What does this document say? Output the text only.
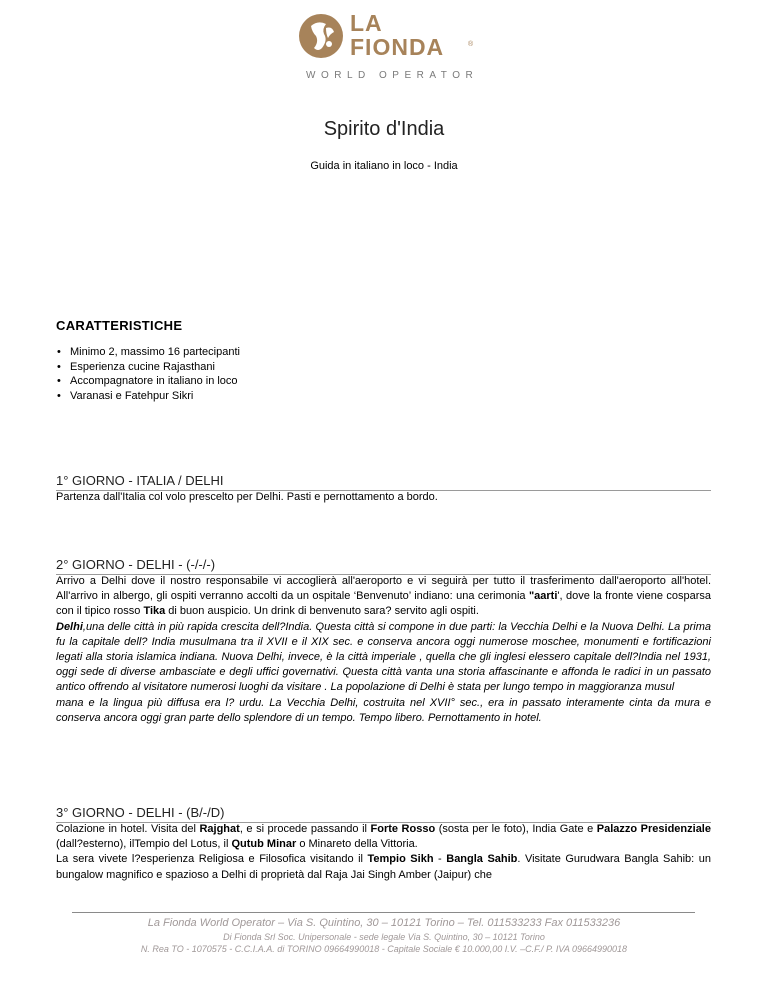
LA
FIONDA	®
WORLD OPERATOR
Spirito d'India
Guida in italiano in loco - India
CARATTERISTICHE
• Minimo 2, massimo 16 partecipanti
• Esperienza cucine Rajasthani
• Accompagnatore in italiano in loco
• Varanasi e Fatehpur Sikri
1° GIORNO - ITALIA / DELHI
Partenza dall'Italia col volo prescelto per Delhi. Pasti e pernottamento a bordo.
2° GIORNO - DELHI - (-/-/-)

Arrivo a Delhi dove il nostro responsabile vi accoglierà all'aeroporto e vi seguirà per tutto il trasferimento dall'aeroporto all'hotel. All'arrivo in albergo, gli ospiti verranno accolti da un ospitale ‘Benvenuto’ indiano: una cerimonia "aarti', dove la fronte viene cosparsa con il tipico rosso Tika di buon auspicio. Un drink di benvenuto sara? servito agli ospiti.

Delhi,una delle città in più rapida crescita dell?India. Questa città si compone in due parti: la Vecchia Delhi e la Nuova Delhi. La prima fu la capitale dell? India musulmana tra il XVII e il XIX sec. e conserva ancora oggi numerose moschee, monumenti e fortificazioni legati alla storia islamica indiana. Nuova Delhi, invece, è la città imperiale , quella che gli inglesi elessero capitale dell?India nel 1931, oggi sede di diverse ambasciate e degli uffici governativi. Questa città vanta una storia affascinante e affonda le radici in un passato antico offrendo al visitatore numerosi luoghi da visitare . La popolazione di Delhi è stata per lungo tempo in maggioranza musul

mana e la lingua più diffusa era l? urdu. La Vecchia Delhi, costruita nel XVII° sec., era in passato interamente cinta da mura e conserva ancora oggi gran parte dello splendore di un tempo. Tempo libero. Pernottamento in hotel.

3° GIORNO - DELHI - (B/-/D)

Colazione in hotel. Visita del Rajghat, e si procede passando il Forte Rosso (sosta per le foto), India Gate e Palazzo Presidenziale (dall?esterno), ilTempio del Lotus, il Qutub Minar o Minareto della Vittoria.

La sera vivete l?esperienza Religiosa e Filosofica visitando il Tempio Sikh - Bangla Sahib. Visitate Gurudwara Bangla Sahib: un bungalow magnifico e spazioso a Delhi di proprietà dal Raja Jai Singh Amber (Jaipur) che

La Fionda World Operator – Via S. Quintino, 30 – 10121 Torino – Tel. 011533233 Fax 011533236
Di Fionda Srl Soc. Unipersonale - sede legale Via S. Quintino, 30 – 10121 Torino
N. Rea TO - 1070575 - C.C.I.A.A. di TORINO 09664990018 - Capitale Sociale € 10.000,00 I.V. –C.F./ P. IVA 09664990018
